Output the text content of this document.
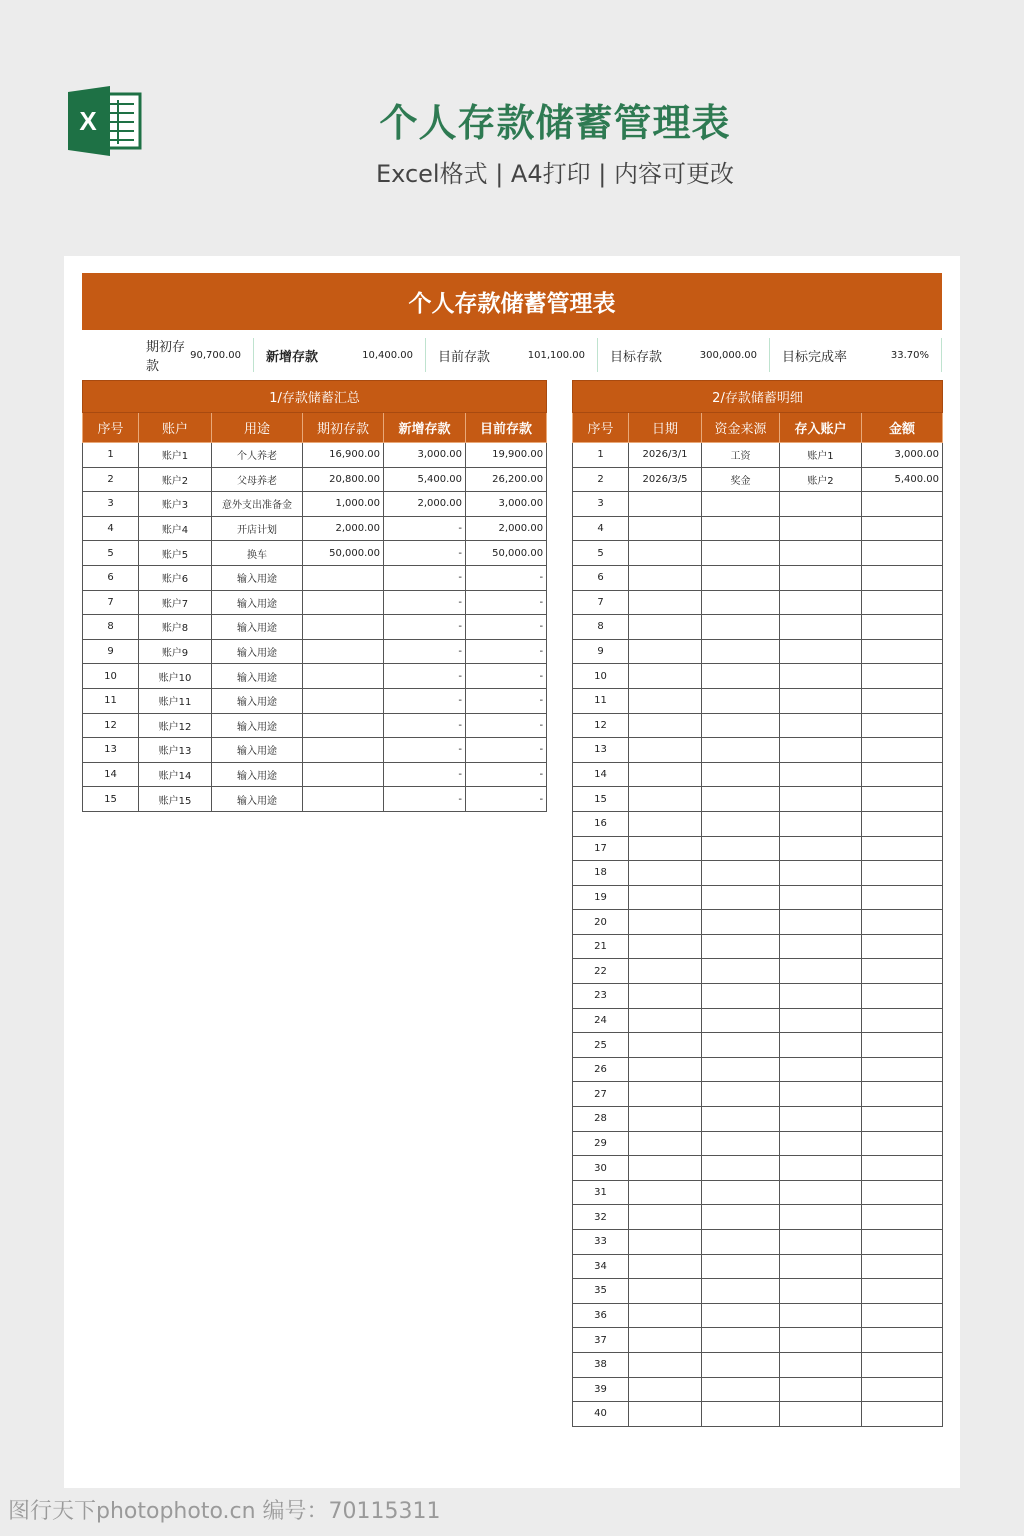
X	个人存款储蓄管理表
Excel格式 | A4打印 | 内容可更改
个人存款储蓄管理表
期初存款
90,700.00 新增存款	10,400.00 目前存款	101,100.00 目标存款	300,000.00 目标完成率	33.70%
1/存款储蓄汇总					
序号	账户	用途	期初存款	新增存款	目前存款
1	账户1	个人养老	16,900.00	3,000.00	19,900.00
2	账户2	父母养老	20,800.00	5,400.00	26,200.00
3	账户3	意外支出准备金	1,000.00	2,000.00	3,000.00
4	账户4	开店计划	2,000.00	-	2,000.00
5	账户5	换车	50,000.00	-	50,000.00
6	账户6	输入用途		-	-
7	账户7	输入用途		-	-
8	账户8	输入用途		-	-
9	账户9	输入用途		-	-
10	账户10	输入用途		-	-
11	账户11	输入用途		-	-
12	账户12	输入用途		-	-
13	账户13	输入用途		-	-
14	账户14	输入用途		-	-
15	账户15	输入用途		-	-
2/存款储蓄明细				
序号	日期	资金来源	存入账户	金额
1	2026/3/1	工资	账户1	3,000.00
2	2026/3/5	奖金	账户2	5,400.00
3				
4				
5				
6				
7				
8				
9				
10				
11				
12				
13				
14				
15				
16				
17				
18				
19				
20				
21				
22				
23				
24				
25				
26				
27				
28				
29				
30				
31				
32				
33				
34				
35				
36				
37				
38				
39				
40				
图行天下photophoto.cn 编号：70115311
